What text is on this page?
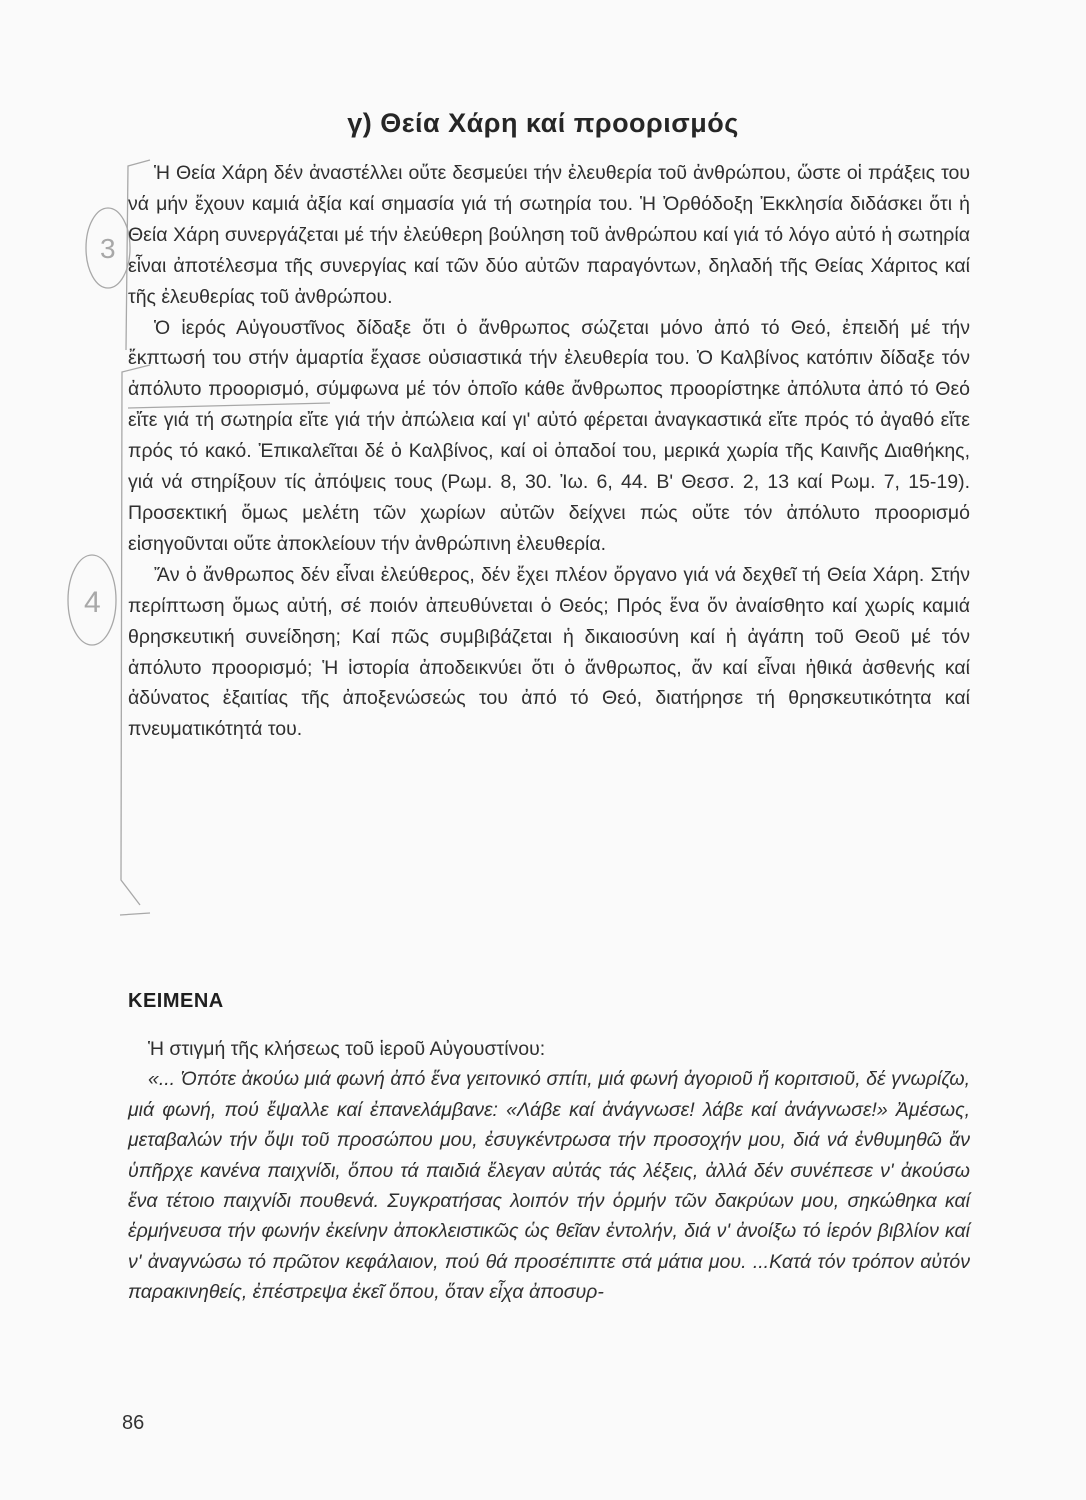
3
4
γ) Θεία Χάρη καί προορισμός

Ἡ Θεία Χάρη δέν ἀναστέλλει οὔτε δεσμεύει τήν ἐλευθερία τοῦ ἀνθρώπου, ὥστε οἱ πράξεις του νά μήν ἔχουν καμιά ἀξία καί σημασία γιά τή σωτηρία του. Ἡ Ὀρθόδοξη Ἐκκλησία διδάσκει ὅτι ἡ Θεία Χάρη συνεργάζεται μέ τήν ἐλεύθερη βούληση τοῦ ἀνθρώπου καί γιά τό λόγο αὐτό ἡ σωτηρία εἶναι ἀποτέλεσμα τῆς συνεργίας καί τῶν δύο αὐτῶν παραγόντων, δηλαδή τῆς Θείας Χάριτος καί τῆς ἐλευθερίας τοῦ ἀνθρώπου.

Ὁ ἱερός Αὐγουστῖνος δίδαξε ὅτι ὁ ἄνθρωπος σώζεται μόνο ἀπό τό Θεό, ἐπειδή μέ τήν ἔκπτωσή του στήν ἁμαρτία ἔχασε οὐσιαστικά τήν ἐλευθερία του. Ὁ Καλβίνος κατόπιν δίδαξε τόν ἀπόλυτο προορισμό, σύμφωνα μέ τόν ὁποῖο κάθε ἄνθρωπος προορίστηκε ἀπόλυτα ἀπό τό Θεό εἴτε γιά τή σωτηρία εἴτε γιά τήν ἀπώλεια καί γι' αὐτό φέρεται ἀναγκαστικά εἴτε πρός τό ἀγαθό εἴτε πρός τό κακό. Ἐπικαλεῖται δέ ὁ Καλβίνος, καί οἱ ὀπαδοί του, μερικά χωρία τῆς Καινῆς Διαθήκης, γιά νά στηρίξουν τίς ἀπόψεις τους (Ρωμ. 8, 30. Ἰω. 6, 44. Β' Θεσσ. 2, 13 καί Ρωμ. 7, 15-19). Προσεκτική ὅμως μελέτη τῶν χωρίων αὐτῶν δείχνει πώς οὔτε τόν ἀπόλυτο προορισμό εἰσηγοῦνται οὔτε ἀποκλείουν τήν ἀνθρώπινη ἐλευθερία.

Ἄν ὁ ἄνθρωπος δέν εἶναι ἐλεύθερος, δέν ἔχει πλέον ὄργανο γιά νά δεχθεῖ τή Θεία Χάρη. Στήν περίπτωση ὅμως αὐτή, σέ ποιόν ἀπευθύνεται ὁ Θεός; Πρός ἕνα ὄν ἀναίσθητο καί χωρίς καμιά θρησκευτική συνείδηση; Καί πῶς συμβιβάζεται ἡ δικαιοσύνη καί ἡ ἀγάπη τοῦ Θεοῦ μέ τόν ἀπόλυτο προορισμό; Ἡ ἱστορία ἀποδεικνύει ὅτι ὁ ἄνθρωπος, ἄν καί εἶναι ἠθικά ἀσθενής καί ἀδύνατος ἐξαιτίας τῆς ἀποξενώσεώς του ἀπό τό Θεό, διατήρησε τή θρησκευτικότητα καί πνευματικότητά του.

ΚΕΙΜΕΝΑ

Ἡ στιγμή τῆς κλήσεως τοῦ ἱεροῦ Αὐγουστίνου:

«... Ὁπότε ἀκούω μιά φωνή ἀπό ἕνα γειτονικό σπίτι, μιά φωνή ἀγοριοῦ ἤ κοριτσιοῦ, δέ γνωρίζω, μιά φωνή, πού ἔψαλλε καί ἐπανελάμβανε: «Λάβε καί ἀνάγνωσε! λάβε καί ἀνάγνωσε!» Ἀμέσως, μεταβαλών τήν ὄψι τοῦ προσώπου μου, ἐσυγκέντρωσα τήν προσοχήν μου, διά νά ἐνθυμηθῶ ἄν ὑπῆρχε κανένα παιχνίδι, ὅπου τά παιδιά ἔλεγαν αὐτάς τάς λέξεις, ἀλλά δέν συνέπεσε ν' ἀκούσω ἕνα τέτοιο παιχνίδι πουθενά. Συγκρατήσας λοιπόν τήν ὁρμήν τῶν δακρύων μου, σηκώθηκα καί ἑρμήνευσα τήν φωνήν ἐκείνην ἀποκλειστικῶς ὡς θεῖαν ἐντολήν, διά ν' ἀνοίξω τό ἱερόν βιβλίον καί ν' ἀναγνώσω τό πρῶτον κεφάλαιον, πού θά προσέπιπτε στά μάτια μου. ...Κατά τόν τρόπον αὐτόν παρακινηθείς, ἐπέστρεψα ἐκεῖ ὅπου, ὅταν εἶχα ἀποσυρ-

86
